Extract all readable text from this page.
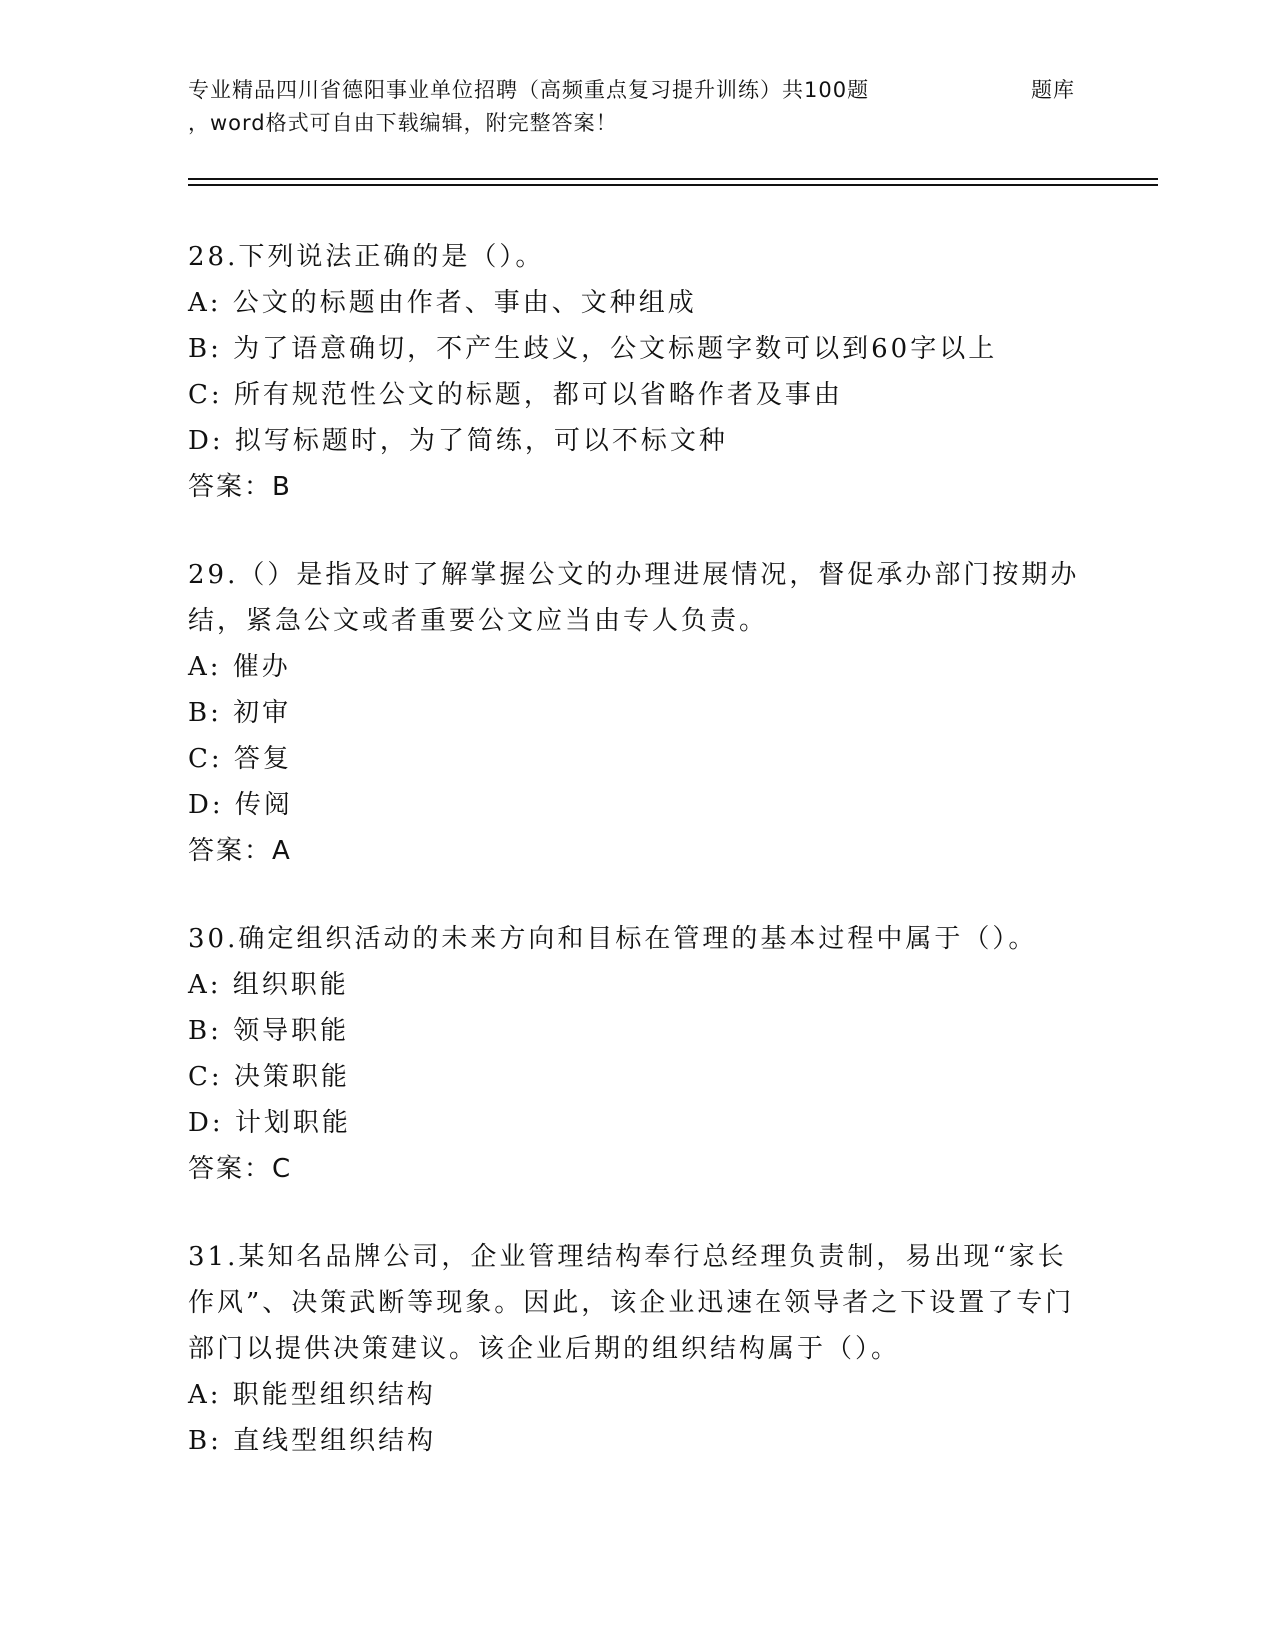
专业精品四川省德阳事业单位招聘（高频重点复习提升训练）共100题	题库
，word格式可自由下载编辑，附完整答案！
28.下列说法正确的是（）。
A: 公文的标题由作者、事由、文种组成
B: 为了语意确切，不产生歧义，公文标题字数可以到60字以上
C: 所有规范性公文的标题，都可以省略作者及事由
D: 拟写标题时，为了简练，可以不标文种
答案：B
29.（）是指及时了解掌握公文的办理进展情况，督促承办部门按期办结，紧急公文或者重要公文应当由专人负责。
A: 催办
B: 初审
C: 答复
D: 传阅
答案：A
30.确定组织活动的未来方向和目标在管理的基本过程中属于（）。
A: 组织职能
B: 领导职能
C: 决策职能
D: 计划职能
答案：C
31.某知名品牌公司，企业管理结构奉行总经理负责制，易出现“家长作风”、决策武断等现象。因此，该企业迅速在领导者之下设置了专门部门以提供决策建议。该企业后期的组织结构属于（）。
A: 职能型组织结构
B: 直线型组织结构
